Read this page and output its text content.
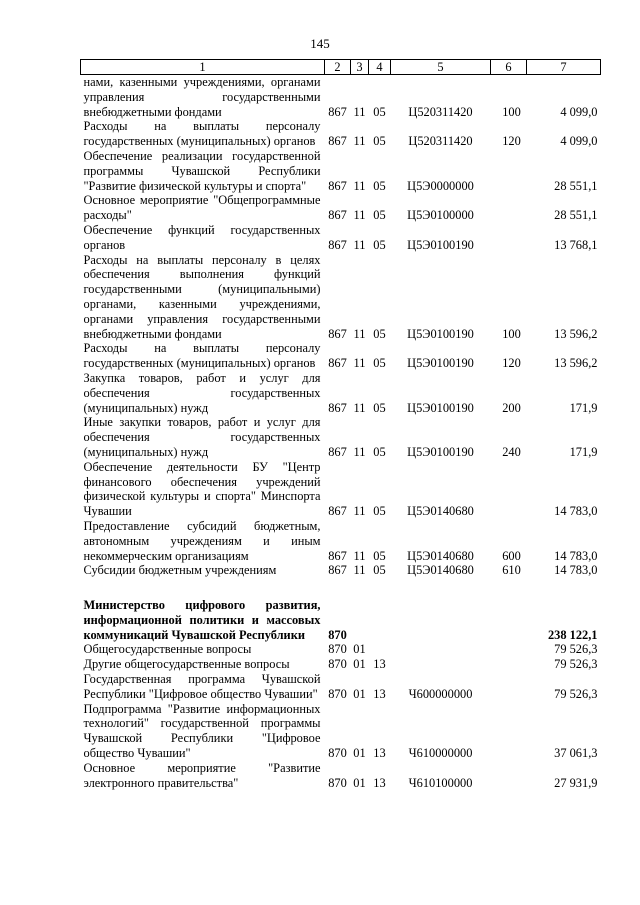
145
1	2	3	4	5	6	7
нами, казенными учреждениями, органами управления государственными внебюджетными фондами	867	11	05	Ц520311420	100	4 099,0
Расходы на выплаты персоналу государственных (муниципальных) органов	867	11	05	Ц520311420	120	4 099,0
Обеспечение реализации государственной программы Чувашской Республики "Развитие физической культуры и спорта"	867	11	05	Ц5Э0000000		28 551,1
Основное мероприятие "Общепрограммные расходы"	867	11	05	Ц5Э0100000		28 551,1
Обеспечение функций государственных органов	867	11	05	Ц5Э0100190		13 768,1
Расходы на выплаты персоналу в целях обеспечения выполнения функций государственными (муниципальными) органами, казенными учреждениями, органами управления государственными внебюджетными фондами	867	11	05	Ц5Э0100190	100	13 596,2
Расходы на выплаты персоналу государственных (муниципальных) органов	867	11	05	Ц5Э0100190	120	13 596,2
Закупка товаров, работ и услуг для обеспечения государственных (муниципальных) нужд	867	11	05	Ц5Э0100190	200	171,9
Иные закупки товаров, работ и услуг для обеспечения государственных (муниципальных) нужд	867	11	05	Ц5Э0100190	240	171,9
Обеспечение деятельности БУ "Центр финансового обеспечения учреждений физической культуры и спорта" Минспорта Чувашии	867	11	05	Ц5Э0140680		14 783,0
Предоставление субсидий бюджетным, автономным учреждениям и иным некоммерческим организациям	867	11	05	Ц5Э0140680	600	14 783,0
Субсидии бюджетным учреждениям	867	11	05	Ц5Э0140680	610	14 783,0

Министерство цифрового развития, информационной политики и массовых коммуникаций Чувашской Республики	870					238 122,1
Общегосударственные вопросы	870	01				79 526,3
Другие общегосударственные вопросы	870	01	13			79 526,3
Государственная программа Чувашской Республики "Цифровое общество Чувашии"	870	01	13	Ч600000000		79 526,3
Подпрограмма "Развитие информационных технологий" государственной программы Чувашской Республики "Цифровое общество Чувашии"	870	01	13	Ч610000000		37 061,3
Основное мероприятие "Развитие электронного правительства"	870	01	13	Ч610100000		27 931,9
